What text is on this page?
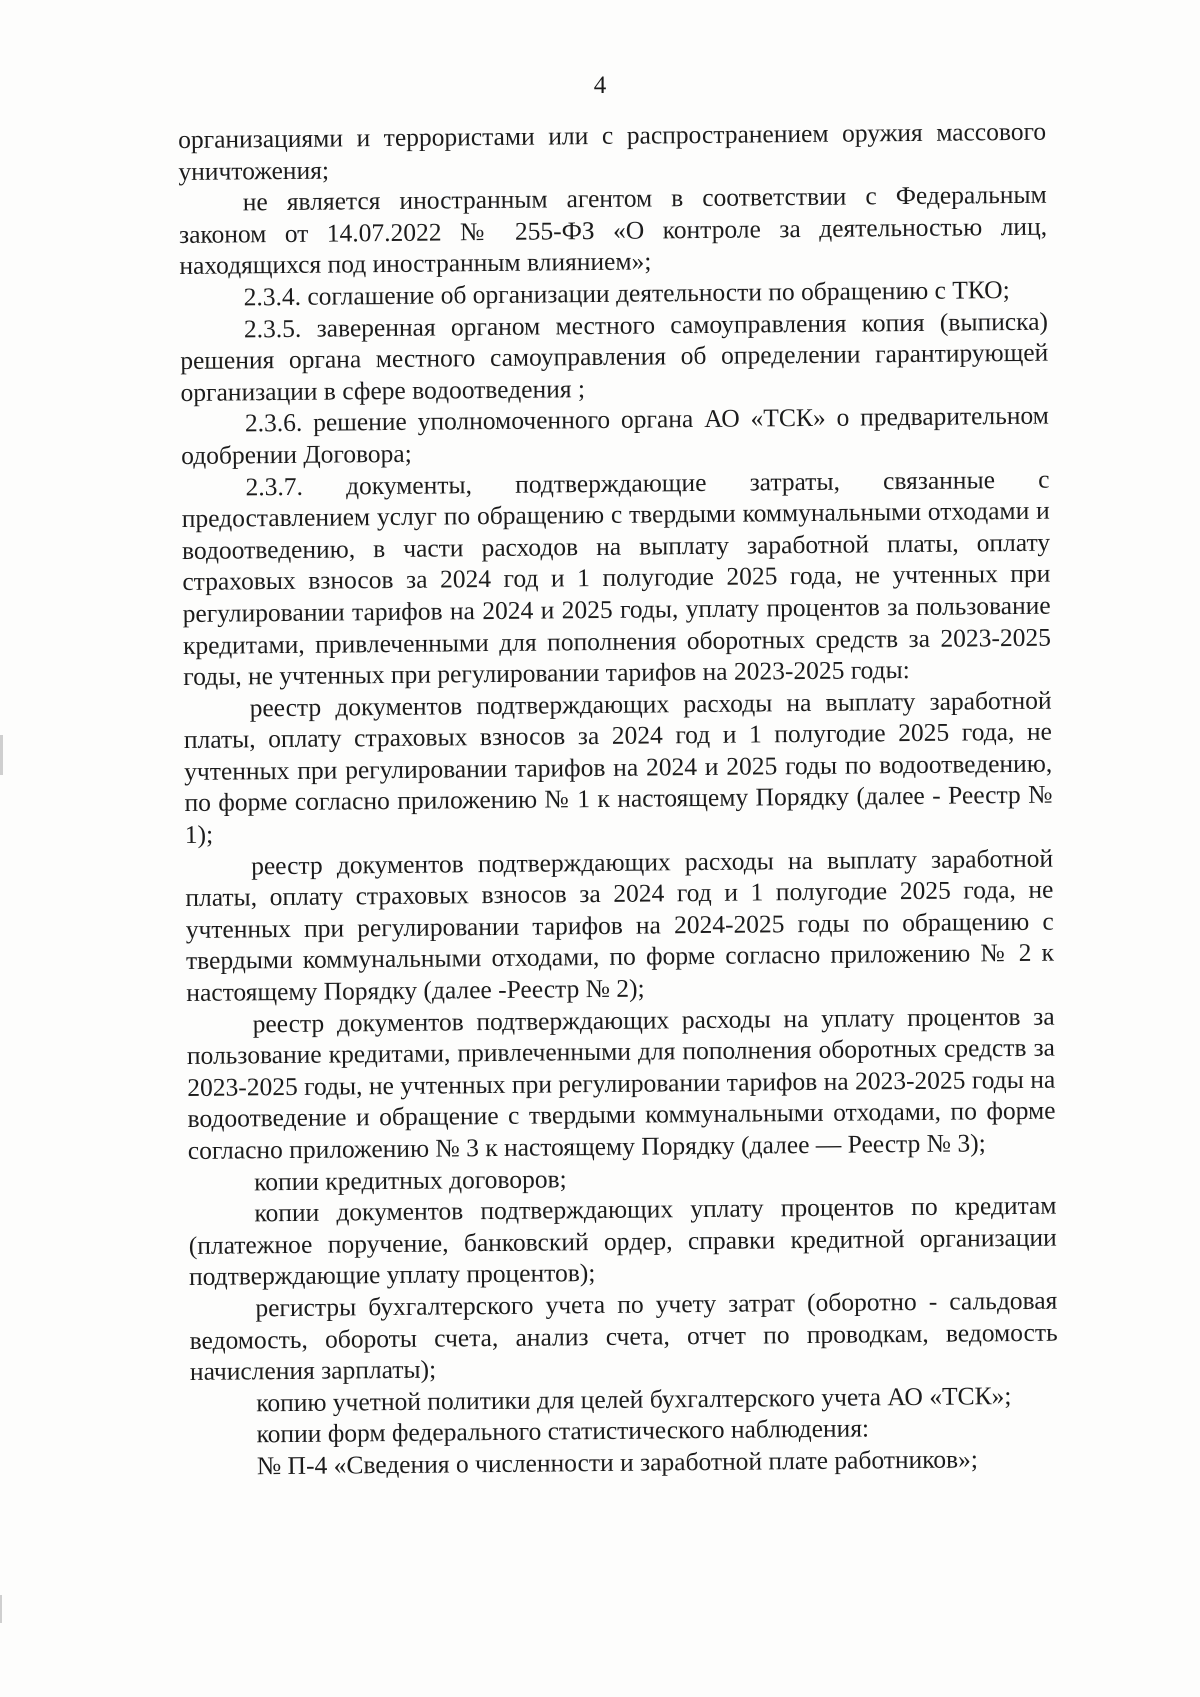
4

организациями и террористами или с распространением оружия массового уничтожения;

не является иностранным агентом в соответствии с Федеральным законом от 14.07.2022 № 255-ФЗ «О контроле за деятельностью лиц, находящихся под иностранным влиянием»;

2.3.4. соглашение об организации деятельности по обращению с ТКО;

2.3.5. заверенная органом местного самоуправления копия (выписка) решения органа местного самоуправления об определении гарантирующей организации в сфере водоотведения ;

2.3.6. решение уполномоченного органа АО «ТСК» о предварительном одобрении Договора;

2.3.7. документы, подтверждающие затраты, связанные с предоставлением услуг по обращению с твердыми коммунальными отходами и водоотведению, в части расходов на выплату заработной платы, оплату страховых взносов за 2024 год и 1 полугодие 2025 года, не учтенных при регулировании тарифов на 2024 и 2025 годы, уплату процентов за пользование кредитами, привлеченными для пополнения оборотных средств за 2023-2025 годы, не учтенных при регулировании тарифов на 2023-2025 годы:

реестр документов подтверждающих расходы на выплату заработной платы, оплату страховых взносов за 2024 год и 1 полугодие 2025 года, не учтенных при регулировании тарифов на 2024 и 2025 годы по водоотведению, по форме согласно приложению № 1 к настоящему Порядку (далее - Реестр № 1);

реестр документов подтверждающих расходы на выплату заработной платы, оплату страховых взносов за 2024 год и 1 полугодие 2025 года, не учтенных при регулировании тарифов на 2024-2025 годы по обращению с твердыми коммунальными отходами, по форме согласно приложению № 2 к настоящему Порядку (далее -Реестр № 2);

реестр документов подтверждающих расходы на уплату процентов за пользование кредитами, привлеченными для пополнения оборотных средств за 2023-2025 годы, не учтенных при регулировании тарифов на 2023-2025 годы на водоотведение и обращение с твердыми коммунальными отходами, по форме согласно приложению № 3 к настоящему Порядку (далее — Реестр № 3);

копии кредитных договоров;

копии документов подтверждающих уплату процентов по кредитам (платежное поручение, банковский ордер, справки кредитной организации подтверждающие уплату процентов);

регистры бухгалтерского учета по учету затрат (оборотно - сальдовая ведомость, обороты счета, анализ счета, отчет по проводкам, ведомость начисления зарплаты);

копию учетной политики для целей бухгалтерского учета АО «ТСК»;

копии форм федерального статистического наблюдения:

№ П-4 «Сведения о численности и заработной плате работников»;
